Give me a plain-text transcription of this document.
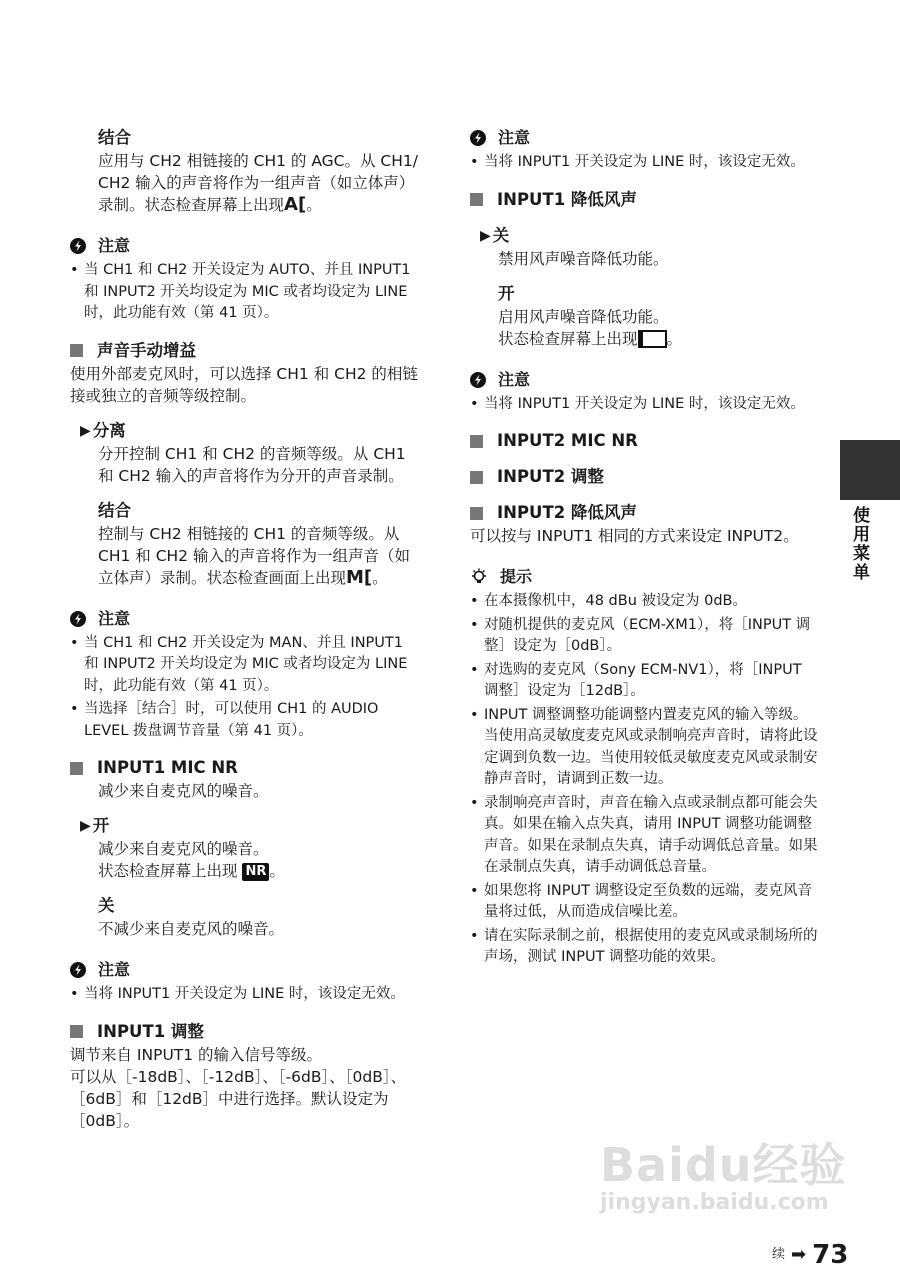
结合

应用与 CH2 相链接的 CH1 的 AGC。从 CH1/ CH2 输入的声音将作为一组声音（如立体声）录制。状态检查屏幕上出现A[。

注意
• 当 CH1 和 CH2 开关设定为 AUTO、并且 INPUT1 和 INPUT2 开关均设定为 MIC 或者均设定为 LINE 时，此功能有效（第 41 页）。

声音手动增益

使用外部麦克风时，可以选择 CH1 和 CH2 的相链接或独立的音频等级控制。

▶ 分离

分开控制 CH1 和 CH2 的音频等级。从 CH1 和 CH2 输入的声音将作为分开的声音录制。

结合

控制与 CH2 相链接的 CH1 的音频等级。从 CH1 和 CH2 输入的声音将作为一组声音（如立体声）录制。状态检查画面上出现M[。

注意
• 当 CH1 和 CH2 开关设定为 MAN、并且 INPUT1 和 INPUT2 开关均设定为 MIC 或者均设定为 LINE 时，此功能有效（第 41 页）。
• 当选择［结合］时，可以使用 CH1 的 AUDIO LEVEL 拨盘调节音量（第 41 页）。

INPUT1 MIC NR

减少来自麦克风的噪音。

▶ 开

减少来自麦克风的噪音。

状态检查屏幕上出现 NR 。

关

不减少来自麦克风的噪音。

注意
• 当将 INPUT1 开关设定为 LINE 时，该设定无效。

INPUT1 调整

调节来自 INPUT1 的输入信号等级。

可以从［-18dB］、［-12dB］、［-6dB］、［0dB］、［6dB］和［12dB］中进行选择。默认设定为［0dB］。

注意
• 当将 INPUT1 开关设定为 LINE 时，该设定无效。

INPUT1 降低风声

▶ 关

禁用风声噪音降低功能。

开

启用风声噪音降低功能。

状态检查屏幕上出现 。

注意
• 当将 INPUT1 开关设定为 LINE 时，该设定无效。

INPUT2 MIC NR

INPUT2 调整

INPUT2 降低风声

可以按与 INPUT1 相同的方式来设定 INPUT2。

提示
• 在本摄像机中，48 dBu 被设定为 0dB。
• 对随机提供的麦克风（ECM-XM1），将［INPUT 调整］设定为［0dB］。
• 对选购的麦克风（Sony ECM-NV1），将［INPUT 调整］设定为［12dB］。
• INPUT 调整调整功能调整内置麦克风的输入等级。当使用高灵敏度麦克风或录制响亮声音时，请将此设定调到负数一边。当使用较低灵敏度麦克风或录制安静声音时，请调到正数一边。
• 录制响亮声音时，声音在输入点或录制点都可能会失真。如果在输入点失真，请用 INPUT 调整功能调整声音。如果在录制点失真，请手动调低总音量。如果在录制点失真，请手动调低总音量。
• 如果您将 INPUT 调整设定至负数的远端，麦克风音量将过低，从而造成信噪比差。
• 请在实际录制之前，根据使用的麦克风或录制场所的声场，测试 INPUT 调整功能的效果。
使用菜单
Baidu经验
jingyan.baidu.com
续 ➡ 73
